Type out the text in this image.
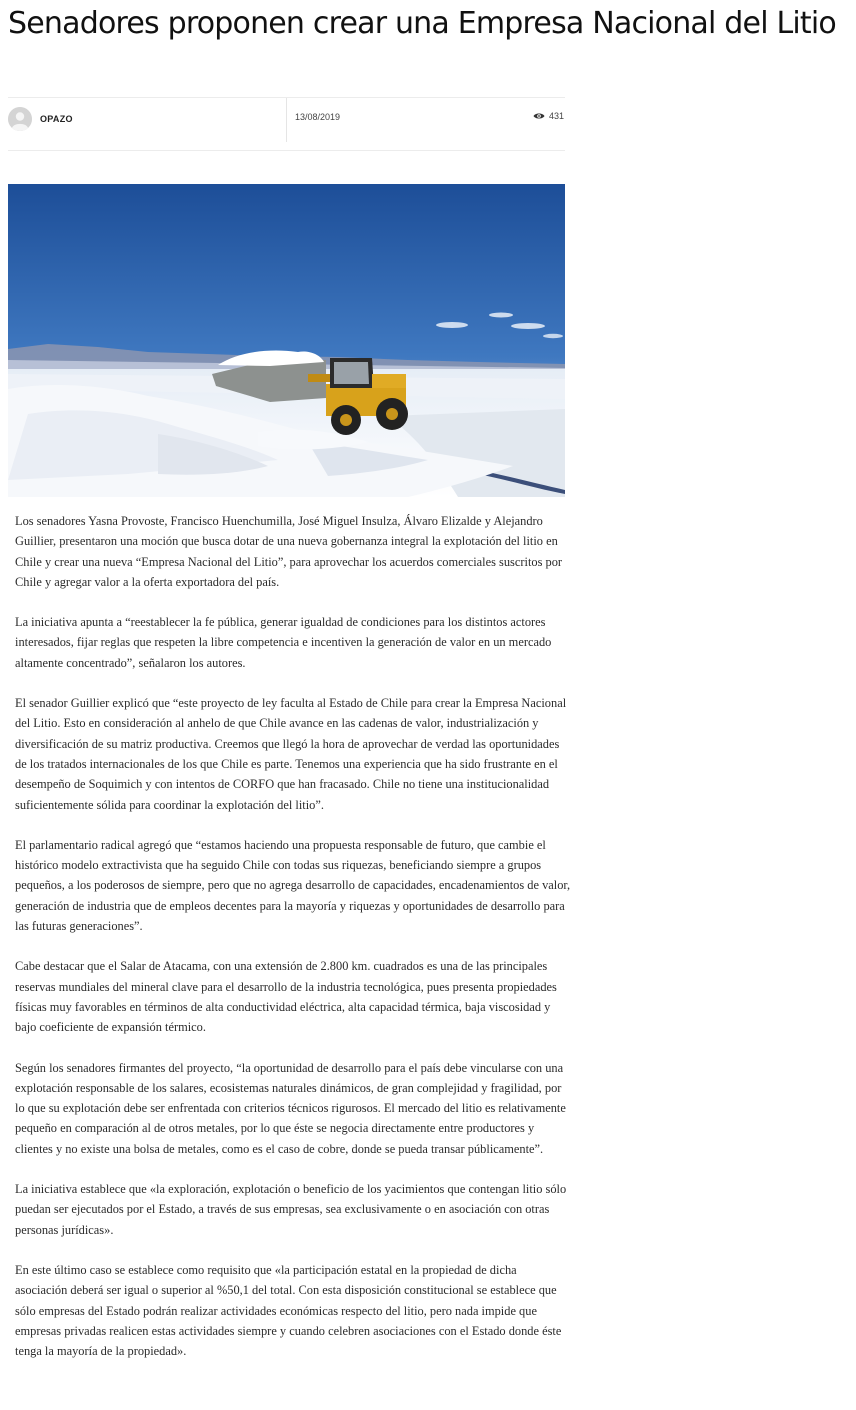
Senadores proponen crear una Empresa Nacional del Litio
OPAZO	13/08/2019	431

Los senadores Yasna Provoste, Francisco Huenchumilla, José Miguel Insulza, Álvaro Elizalde y Alejandro Guillier, presentaron una moción que busca dotar de una nueva gobernanza integral la explotación del litio en Chile y crear una nueva “Empresa Nacional del Litio”, para aprovechar los acuerdos comerciales suscritos por Chile y agregar valor a la oferta exportadora del país.

La iniciativa apunta a “reestablecer la fe pública, generar igualdad de condiciones para los distintos actores interesados, fijar reglas que respeten la libre competencia e incentiven la generación de valor en un mercado altamente concentrado”, señalaron los autores.

El senador Guillier explicó que “este proyecto de ley faculta al Estado de Chile para crear la Empresa Nacional del Litio. Esto en consideración al anhelo de que Chile avance en las cadenas de valor, industrialización y diversificación de su matriz productiva. Creemos que llegó la hora de aprovechar de verdad las oportunidades de los tratados internacionales de los que Chile es parte. Tenemos una experiencia que ha sido frustrante en el desempeño de Soquimich y con intentos de CORFO que han fracasado. Chile no tiene una institucionalidad suficientemente sólida para coordinar la explotación del litio”.

El parlamentario radical agregó que “estamos haciendo una propuesta responsable de futuro, que cambie el histórico modelo extractivista que ha seguido Chile con todas sus riquezas, beneficiando siempre a grupos pequeños, a los poderosos de siempre, pero que no agrega desarrollo de capacidades, encadenamientos de valor, generación de industria que de empleos decentes para la mayoría y riquezas y oportunidades de desarrollo para las futuras generaciones”.

Cabe destacar que el Salar de Atacama, con una extensión de 2.800 km. cuadrados es una de las principales reservas mundiales del mineral clave para el desarrollo de la industria tecnológica, pues presenta propiedades físicas muy favorables en términos de alta conductividad eléctrica, alta capacidad térmica, baja viscosidad y bajo coeficiente de expansión térmico.

Según los senadores firmantes del proyecto, “la oportunidad de desarrollo para el país debe vincularse con una explotación responsable de los salares, ecosistemas naturales dinámicos, de gran complejidad y fragilidad, por lo que su explotación debe ser enfrentada con criterios técnicos rigurosos. El mercado del litio es relativamente pequeño en comparación al de otros metales, por lo que éste se negocia directamente entre productores y clientes y no existe una bolsa de metales, como es el caso de cobre, donde se pueda transar públicamente”.

La iniciativa establece que «la exploración, explotación o beneficio de los yacimientos que contengan litio sólo puedan ser ejecutados por el Estado, a través de sus empresas, sea exclusivamente o en asociación con otras personas jurídicas».

En este último caso se establece como requisito que «la participación estatal en la propiedad de dicha asociación deberá ser igual o superior al %50,1 del total. Con esta disposición constitucional se establece que sólo empresas del Estado podrán realizar actividades económicas respecto del litio, pero nada impide que empresas privadas realicen estas actividades siempre y cuando celebren asociaciones con el Estado donde éste tenga la mayoría de la propiedad».
